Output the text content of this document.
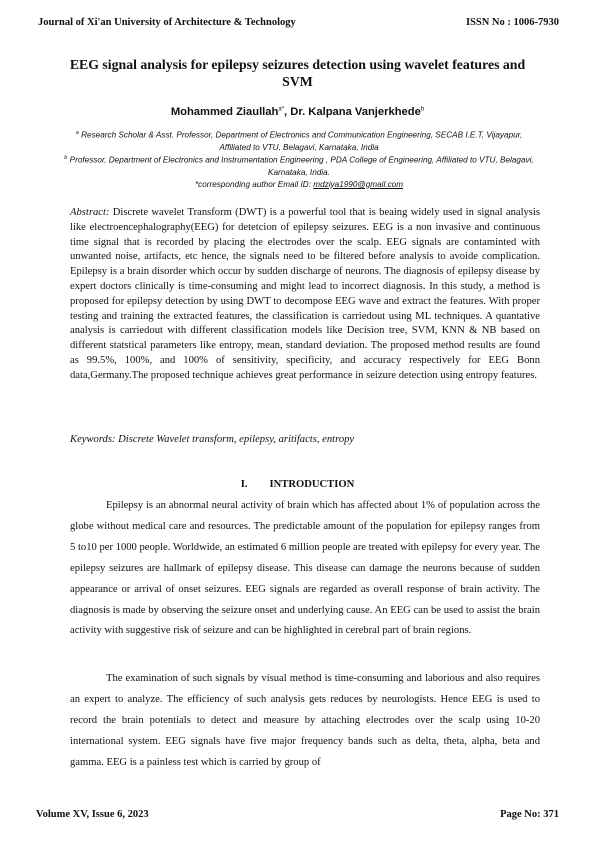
Journal of Xi'an University of Architecture & Technology	ISSN No : 1006-7930
EEG signal analysis for epilepsy seizures detection using wavelet features and SVM
Mohammed Ziaullah$^{a*}$, Dr. Kalpana Vanjerkhede$^b$
$^a$ Research Scholar & Asst. Professor, Department of Electronics and Communication Engineering, SECAB I.E.T, Vijayapur, Affiliated to VTU, Belagavi, Karnataka, India
$^b$ Professor, Department of Electronics and Instrumentation Engineering , PDA College of Engineering, Affiliated to VTU, Belagavi, Karnataka, India.
*corresponding author Email ID: mdziya1990@gmail.com

Abstract: Discrete wavelet Transform (DWT) is a powerful tool that is beaing widely used in signal analysis like electroencephalography(EEG) for detetcion of epilepsy seizures. EEG is a non invasive and continuous time signal that is recorded by placing the electrodes over the scalp. EEG signals are contaminted with unwanted noise, artifacts, etc hence, the signals need to be filtered before analysis to avoide complication. Epilepsy is a brain disorder which occur by sudden discharge of neurons. The diagnosis of epilepsy disease by expert doctors clinically is time-consuming and might lead to incorrect diagnosis. In this study, a method is proposed for epilepsy detection by using DWT to decompose EEG wave and extract the features. With proper testing and training the extracted features, the classification is carriedout using ML techniques. A quantative analysis is carriedout with different classification models like Decision tree, SVM, KNN & NB based on different statstical parameters like entropy, mean, standard deviation. The proposed method results are found as 99.5%, 100%, and 100% of sensitivity, specificity, and accuracy respectively for EEG Bonn data,Germany.The proposed technique achieves great performance in seizure detection using entropy features.

Keywords: Discrete Wavelet transform, epilepsy, aritifacts, entropy
I. INTRODUCTION

Epilepsy is an abnormal neural activity of brain which has affected about 1% of population across the globe without medical care and resources. The predictable amount of the population for epilepsy ranges from 5 to10 per 1000 people. Worldwide, an estimated 6 million people are treated with epilepsy for every year. The epilepsy seizures are hallmark of epilepsy disease. This disease can damage the neurons because of sudden appearance or arrival of onset seizures. EEG signals are regarded as overall response of brain activity. The diagnosis is made by observing the seizure onset and underlying cause. An EEG can be used to assist the brain activity with suggestive risk of seizure and can be highlighted in cerebral part of brain regions.

The examination of such signals by visual method is time-consuming and laborious and also requires an expert to analyze. The efficiency of such analysis gets reduces by neurologists. Hence EEG is used to record the brain potentials to detect and measure by attaching electrodes over the scalp using 10-20 international system. EEG signals have five major frequency bands such as delta, theta, alpha, beta and gamma. EEG is a painless test which is carried by group of

Volume XV, Issue 6, 2023	Page No: 371
